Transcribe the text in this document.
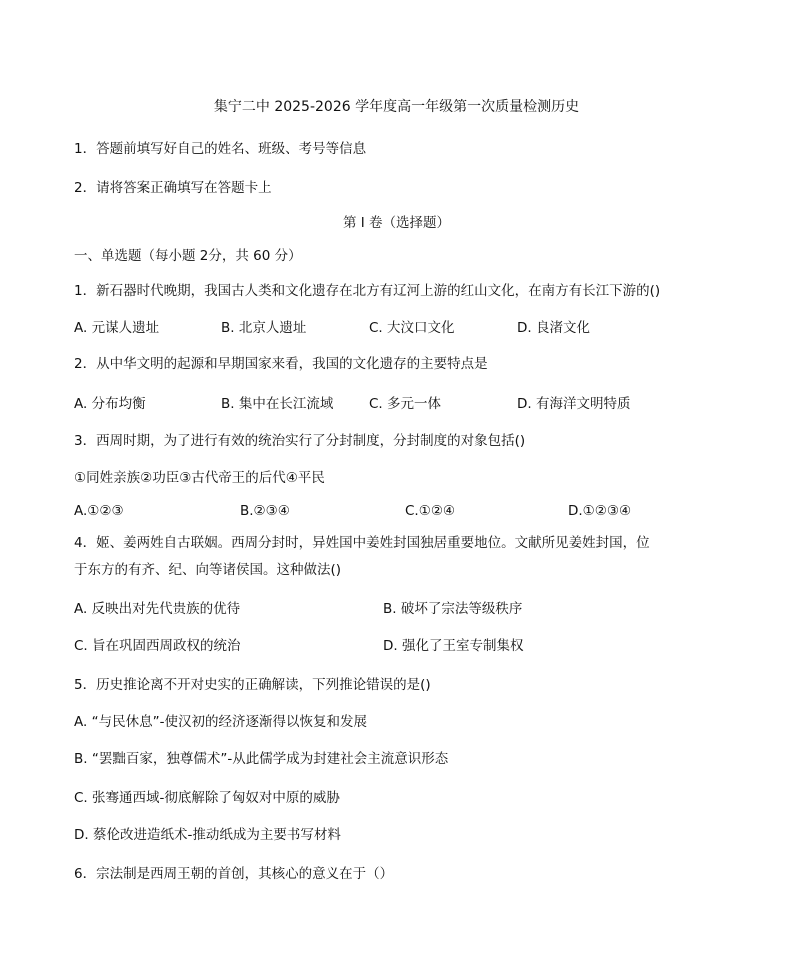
集宁二中 2025-2026 学年度高一年级第一次质量检测历史
1．答题前填写好自己的姓名、班级、考号等信息
2．请将答案正确填写在答题卡上
第 I 卷（选择题）
一、单选题（每小题 2分，共 60 分）
1．新石器时代晚期，我国古人类和文化遗存在北方有辽河上游的红山文化，在南方有长江下游的()
A. 元谋人遗址	B. 北京人遗址	C. 大汶口文化	D. 良渚文化
2．从中华文明的起源和早期国家来看，我国的文化遗存的主要特点是
A. 分布均衡	B. 集中在长江流域	C. 多元一体	D. 有海洋文明特质
3．西周时期，为了进行有效的统治实行了分封制度，分封制度的对象包括()
①同姓亲族②功臣③古代帝王的后代④平民
A.①②③	B.②③④	C.①②④	D.①②③④
4．姬、姜两姓自古联姻。西周分封时，异姓国中姜姓封国独居重要地位。文献所见姜姓封国，位
于东方的有齐、纪、向等诸侯国。这种做法()
A. 反映出对先代贵族的优待	B. 破坏了宗法等级秩序
C. 旨在巩固西周政权的统治	D. 强化了王室专制集权
5．历史推论离不开对史实的正确解读，下列推论错误的是()
A. “与民休息”-使汉初的经济逐渐得以恢复和发展
B. “罢黜百家，独尊儒术”-从此儒学成为封建社会主流意识形态
C. 张骞通西域-彻底解除了匈奴对中原的威胁
D. 蔡伦改进造纸术-推动纸成为主要书写材料
6．宗法制是西周王朝的首创，其核心的意义在于（）
